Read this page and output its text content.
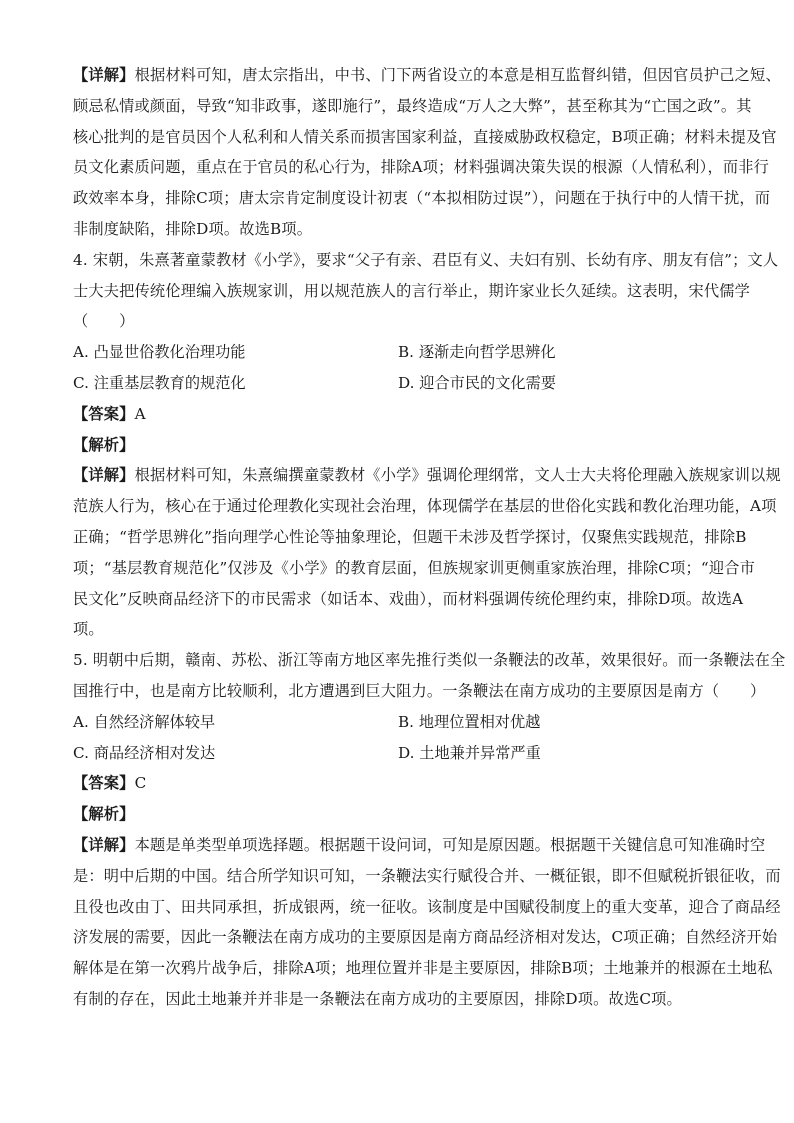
【详解】根据材料可知，唐太宗指出，中书、门下两省设立的本意是相互监督纠错，但因官员护己之短、
顾忌私情或颜面，导致“知非政事，遂即施行”，最终造成“万人之大弊”，甚至称其为“亡国之政”。其
核心批判的是官员因个人私利和人情关系而损害国家利益，直接威胁政权稳定，B项正确；材料未提及官
员文化素质问题，重点在于官员的私心行为，排除A项；材料强调决策失误的根源（人情私利），而非行
政效率本身，排除C项；唐太宗肯定制度设计初衷（“本拟相防过误”），问题在于执行中的人情干扰，而
非制度缺陷，排除D项。故选B项。
4. 宋朝，朱熹著童蒙教材《小学》，要求“父子有亲、君臣有义、夫妇有别、长幼有序、朋友有信”；文人
士大夫把传统伦理编入族规家训，用以规范族人的言行举止，期许家业长久延续。这表明，宋代儒学
（　　）
A. 凸显世俗教化治理功能	B. 逐渐走向哲学思辨化
C. 注重基层教育的规范化	D. 迎合市民的文化需要
【答案】A
【解析】
【详解】根据材料可知，朱熹编撰童蒙教材《小学》强调伦理纲常，文人士大夫将伦理融入族规家训以规
范族人行为，核心在于通过伦理教化实现社会治理，体现儒学在基层的世俗化实践和教化治理功能，A项
正确；“哲学思辨化”指向理学心性论等抽象理论，但题干未涉及哲学探讨，仅聚焦实践规范，排除B
项；“基层教育规范化”仅涉及《小学》的教育层面，但族规家训更侧重家族治理，排除C项；“迎合市
民文化”反映商品经济下的市民需求（如话本、戏曲），而材料强调传统伦理约束，排除D项。故选A
项。
5. 明朝中后期，赣南、苏松、浙江等南方地区率先推行类似一条鞭法的改革，效果很好。而一条鞭法在全
国推行中，也是南方比较顺利，北方遭遇到巨大阻力。一条鞭法在南方成功的主要原因是南方（　　）
A. 自然经济解体较早	B. 地理位置相对优越
C. 商品经济相对发达	D. 土地兼并异常严重
【答案】C
【解析】
【详解】本题是单类型单项选择题。根据题干设问词，可知是原因题。根据题干关键信息可知准确时空
是：明中后期的中国。结合所学知识可知，一条鞭法实行赋役合并、一概征银，即不但赋税折银征收，而
且役也改由丁、田共同承担，折成银两，统一征收。该制度是中国赋役制度上的重大变革，迎合了商品经
济发展的需要，因此一条鞭法在南方成功的主要原因是南方商品经济相对发达，C项正确；自然经济开始
解体是在第一次鸦片战争后，排除A项；地理位置并非是主要原因，排除B项；土地兼并的根源在土地私
有制的存在，因此土地兼并并非是一条鞭法在南方成功的主要原因，排除D项。故选C项。
